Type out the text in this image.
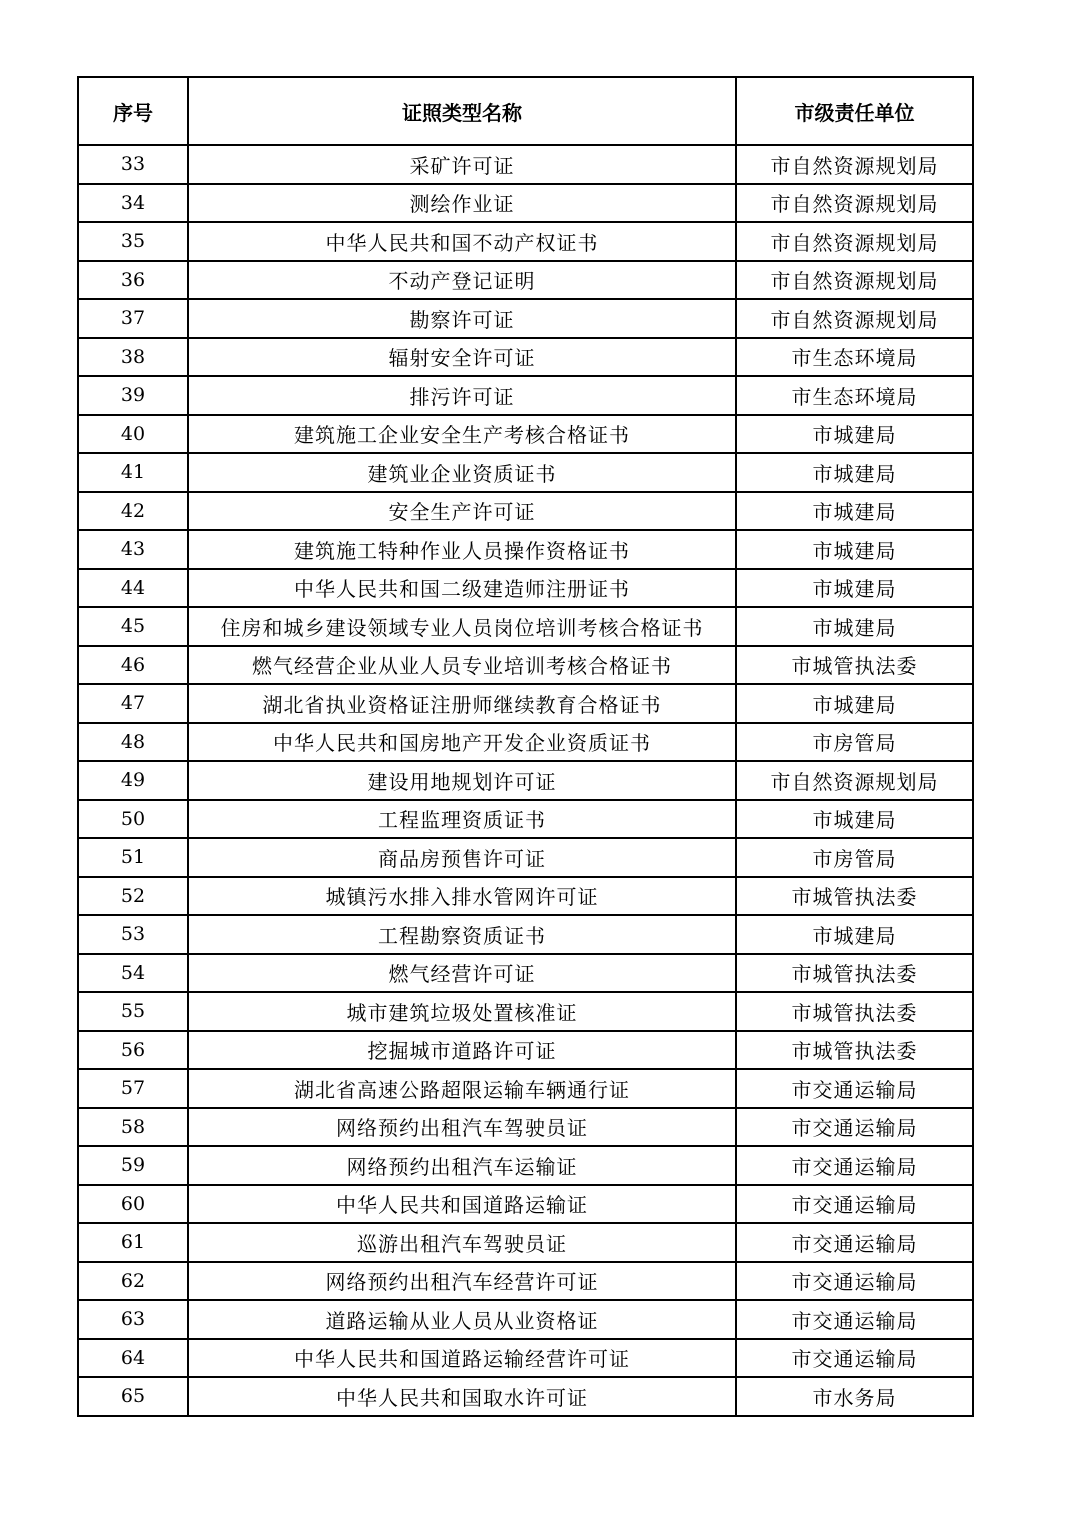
序号	证照类型名称	市级责任单位
33	采矿许可证	市自然资源规划局
34	测绘作业证	市自然资源规划局
35	中华人民共和国不动产权证书	市自然资源规划局
36	不动产登记证明	市自然资源规划局
37	勘察许可证	市自然资源规划局
38	辐射安全许可证	市生态环境局
39	排污许可证	市生态环境局
40	建筑施工企业安全生产考核合格证书	市城建局
41	建筑业企业资质证书	市城建局
42	安全生产许可证	市城建局
43	建筑施工特种作业人员操作资格证书	市城建局
44	中华人民共和国二级建造师注册证书	市城建局
45	住房和城乡建设领域专业人员岗位培训考核合格证书	市城建局
46	燃气经营企业从业人员专业培训考核合格证书	市城管执法委
47	湖北省执业资格证注册师继续教育合格证书	市城建局
48	中华人民共和国房地产开发企业资质证书	市房管局
49	建设用地规划许可证	市自然资源规划局
50	工程监理资质证书	市城建局
51	商品房预售许可证	市房管局
52	城镇污水排入排水管网许可证	市城管执法委
53	工程勘察资质证书	市城建局
54	燃气经营许可证	市城管执法委
55	城市建筑垃圾处置核准证	市城管执法委
56	挖掘城市道路许可证	市城管执法委
57	湖北省高速公路超限运输车辆通行证	市交通运输局
58	网络预约出租汽车驾驶员证	市交通运输局
59	网络预约出租汽车运输证	市交通运输局
60	中华人民共和国道路运输证	市交通运输局
61	巡游出租汽车驾驶员证	市交通运输局
62	网络预约出租汽车经营许可证	市交通运输局
63	道路运输从业人员从业资格证	市交通运输局
64	中华人民共和国道路运输经营许可证	市交通运输局
65	中华人民共和国取水许可证	市水务局
